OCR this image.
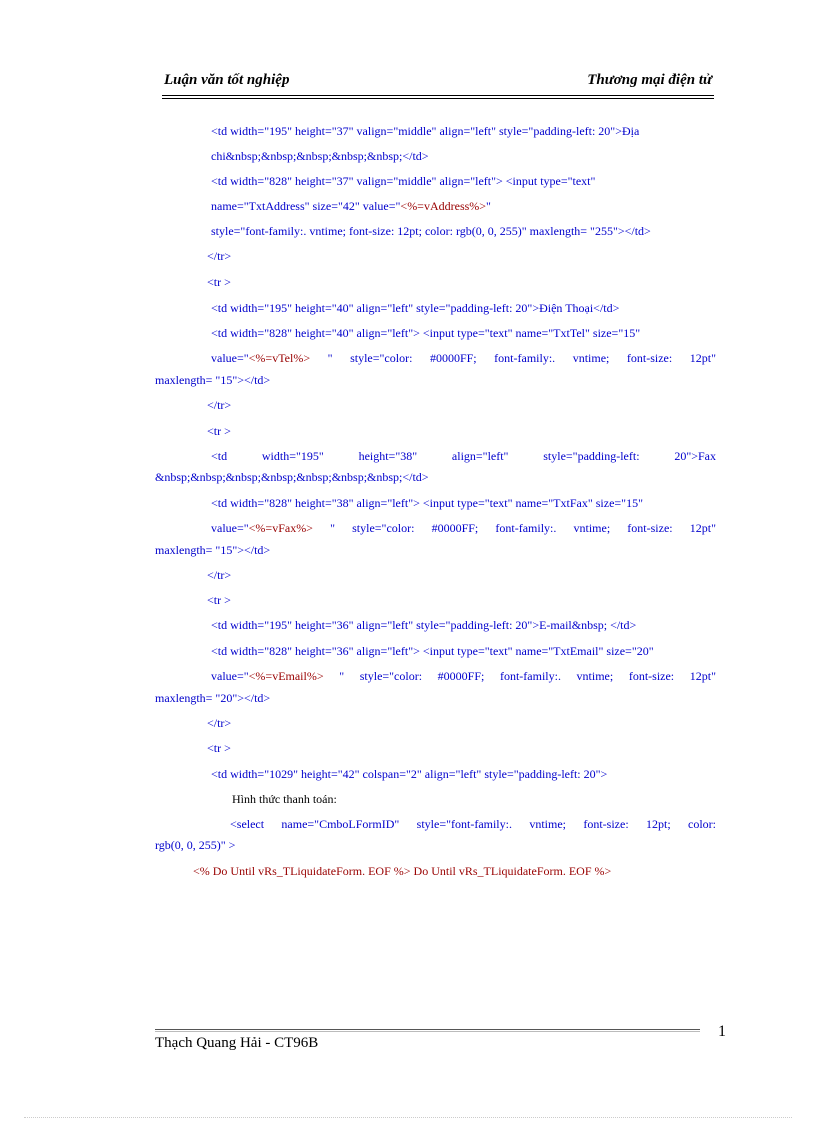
Luận văn tốt nghiệp	Thương mại điện tử
<td width="195" height="37" valign="middle" align="left" style="padding-left: 20">Địa
chi&nbsp;&nbsp;&nbsp;&nbsp;&nbsp;</td>
<td width="828" height="37" valign="middle" align="left"> <input type="text"
name="TxtAddress" size="42" value="<%=vAddress%>"
style="font-family:. vntime; font-size: 12pt; color: rgb(0, 0, 255)" maxlength= "255"></td>
</tr>
<tr >
<td width="195" height="40" align="left" style="padding-left: 20">Điện Thoại</td>
<td width="828" height="40" align="left"> <input type="text" name="TxtTel" size="15"
value="<%=vTel%> " style="color: #0000FF; font-family:. vntime; font-size: 12pt"
maxlength= "15"></td>
</tr>
<tr >
<td width="195" height="38" align="left" style="padding-left: 20">Fax
&nbsp;&nbsp;&nbsp;&nbsp;&nbsp;&nbsp;&nbsp;</td>
<td width="828" height="38" align="left"> <input type="text" name="TxtFax" size="15"
value="<%=vFax%> " style="color: #0000FF; font-family:. vntime; font-size: 12pt"
maxlength= "15"></td>
</tr>
<tr >
<td width="195" height="36" align="left" style="padding-left: 20">E-mail&nbsp; </td>
<td width="828" height="36" align="left"> <input type="text" name="TxtEmail" size="20"
value="<%=vEmail%> " style="color: #0000FF; font-family:. vntime; font-size: 12pt"
maxlength= "20"></td>
</tr>
<tr >
<td width="1029" height="42" colspan="2" align="left" style="padding-left: 20">
Hình thức thanh toán:
<select name="CmboLFormID" style="font-family:. vntime; font-size: 12pt; color:
rgb(0, 0, 255)" >
<% Do Until vRs_TLiquidateForm. EOF %> Do Until vRs_TLiquidateForm. EOF %>
Thạch Quang Hải - CT96B
1
